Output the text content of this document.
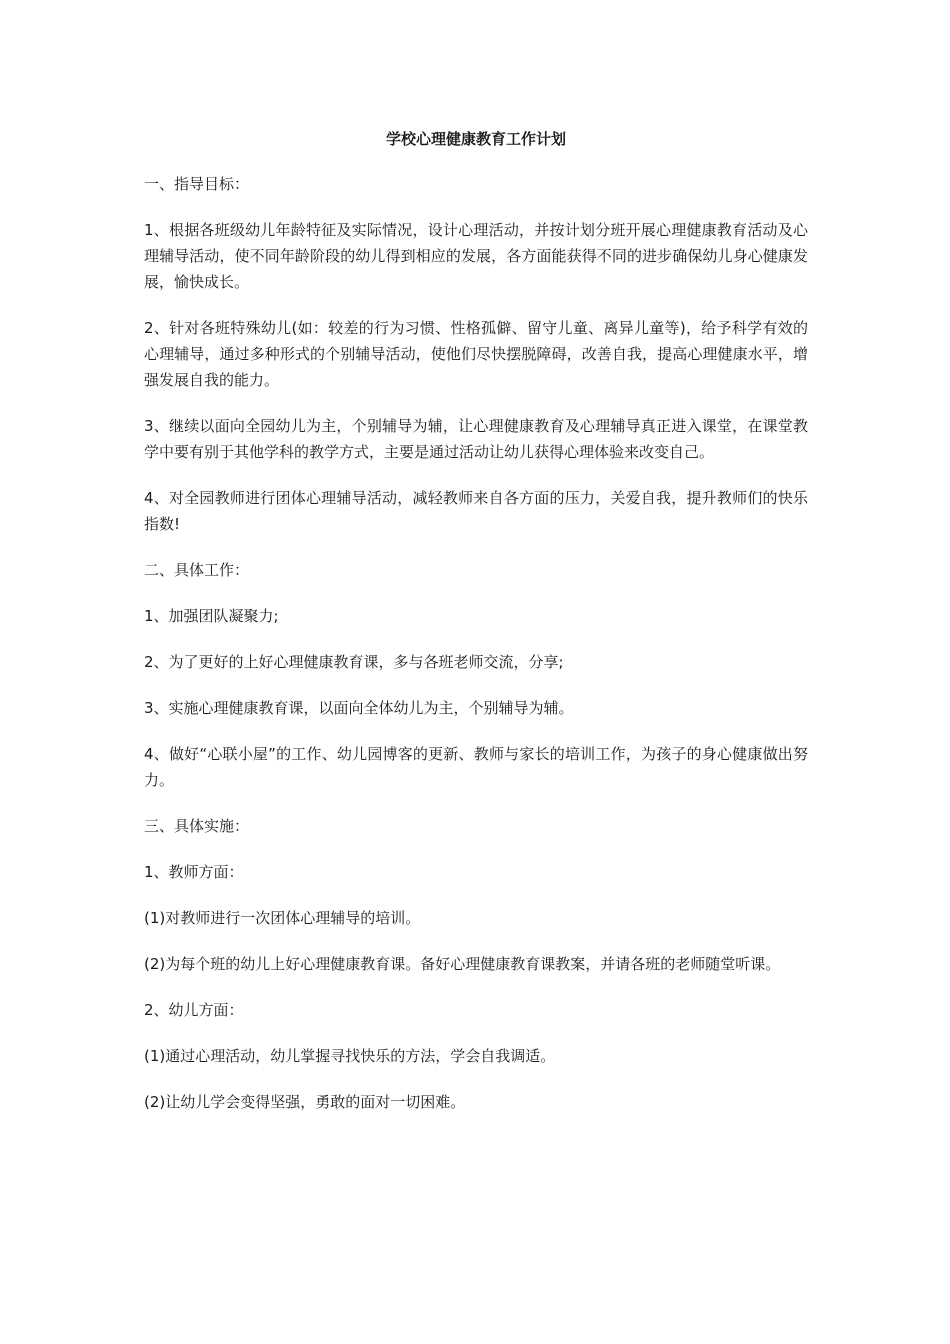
学校心理健康教育工作计划

一、指导目标：

1、根据各班级幼儿年龄特征及实际情况，设计心理活动，并按计划分班开展心理健康教育活动及心理辅导活动，使不同年龄阶段的幼儿得到相应的发展，各方面能获得不同的进步确保幼儿身心健康发展，愉快成长。

2、针对各班特殊幼儿(如：较差的行为习惯、性格孤僻、留守儿童、离异儿童等)，给予科学有效的心理辅导，通过多种形式的个别辅导活动，使他们尽快摆脱障碍，改善自我，提高心理健康水平，增强发展自我的能力。

3、继续以面向全园幼儿为主，个别辅导为辅，让心理健康教育及心理辅导真正进入课堂，在课堂教学中要有别于其他学科的教学方式，主要是通过活动让幼儿获得心理体验来改变自己。

4、对全园教师进行团体心理辅导活动，减轻教师来自各方面的压力，关爱自我，提升教师们的快乐指数!

二、具体工作：

1、加强团队凝聚力;

2、为了更好的上好心理健康教育课，多与各班老师交流，分享;

3、实施心理健康教育课，以面向全体幼儿为主，个别辅导为辅。

4、做好“心联小屋”的工作、幼儿园博客的更新、教师与家长的培训工作，为孩子的身心健康做出努力。

三、具体实施：

1、教师方面：

(1)对教师进行一次团体心理辅导的培训。

(2)为每个班的幼儿上好心理健康教育课。备好心理健康教育课教案，并请各班的老师随堂听课。

2、幼儿方面：

(1)通过心理活动，幼儿掌握寻找快乐的方法，学会自我调适。

(2)让幼儿学会变得坚强，勇敢的面对一切困难。
